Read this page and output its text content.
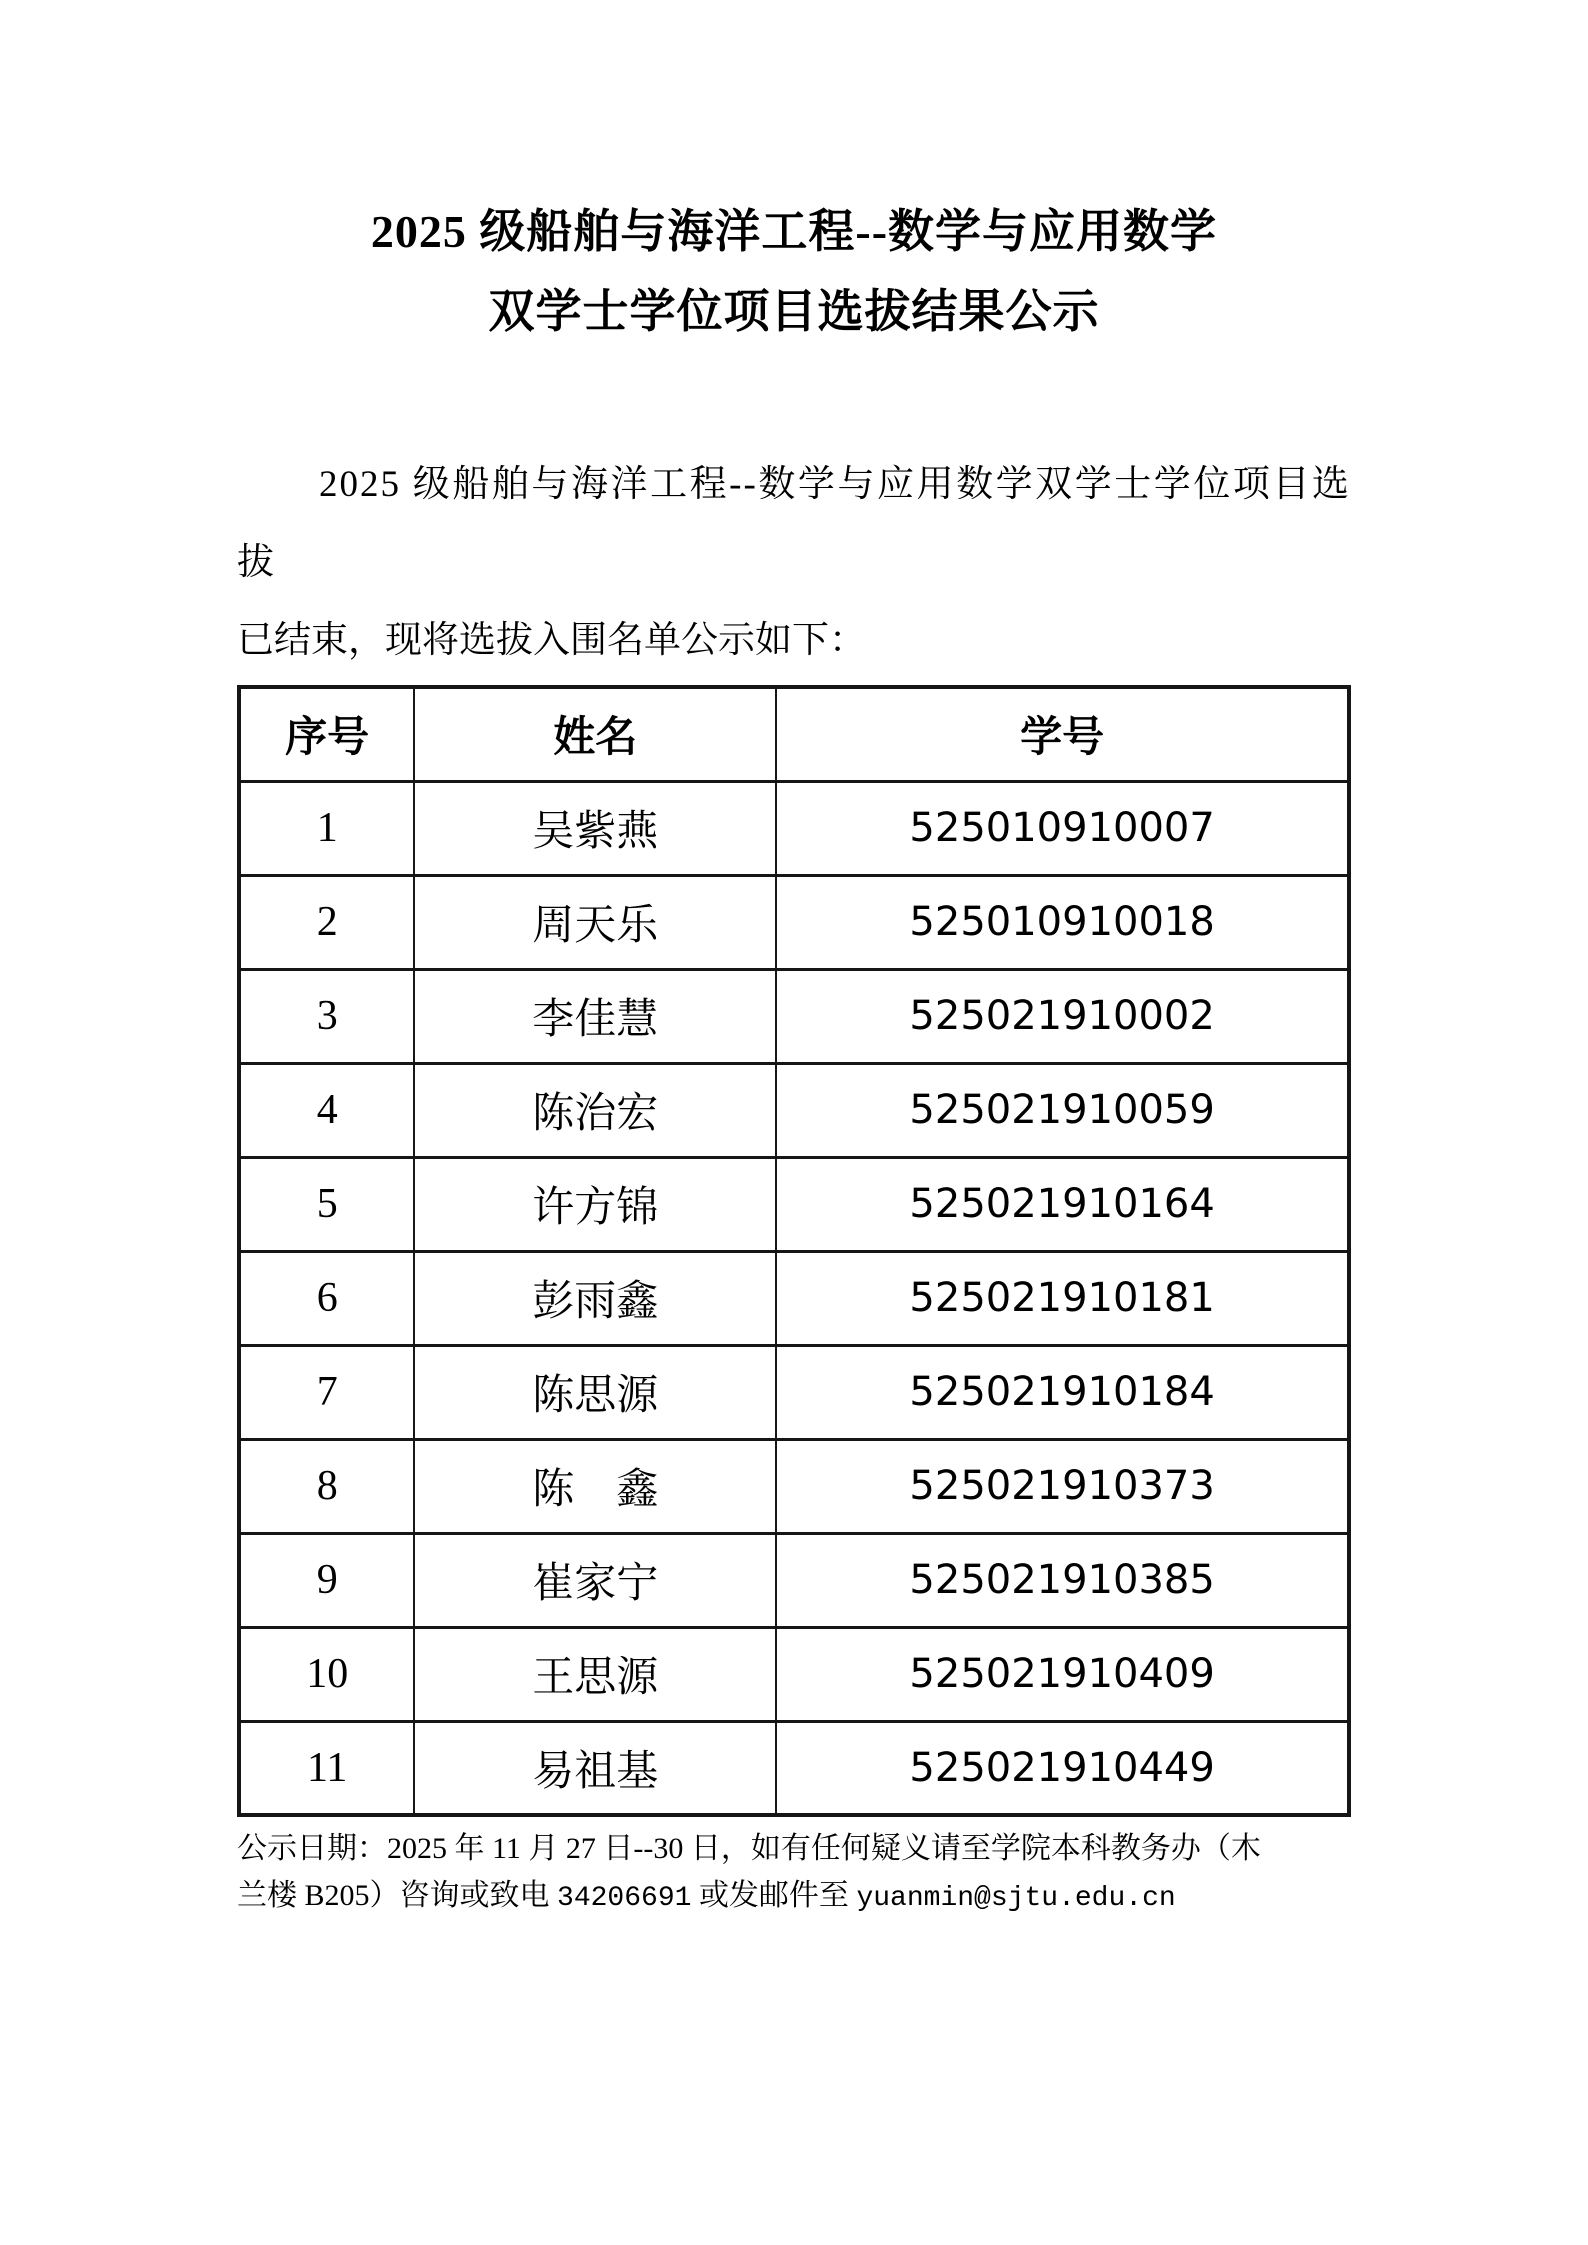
2025 级船舶与海洋工程--数学与应用数学
双学士学位项目选拔结果公示
2025 级船舶与海洋工程--数学与应用数学双学士学位项目选拔
已结束，现将选拔入围名单公示如下：
序号	姓名	学号
1	吴紫燕	525010910007
2	周天乐	525010910018
3	李佳慧	525021910002
4	陈治宏	525021910059
5	许方锦	525021910164
6	彭雨鑫	525021910181
7	陈思源	525021910184
8	陈　鑫	525021910373
9	崔家宁	525021910385
10	王思源	525021910409
11	易祖基	525021910449
公示日期：2025 年 11 月 27 日--30 日，如有任何疑义请至学院本科教务办（木
兰楼 B205）咨询或致电 34206691 或发邮件至 yuanmin@sjtu.edu.cn
